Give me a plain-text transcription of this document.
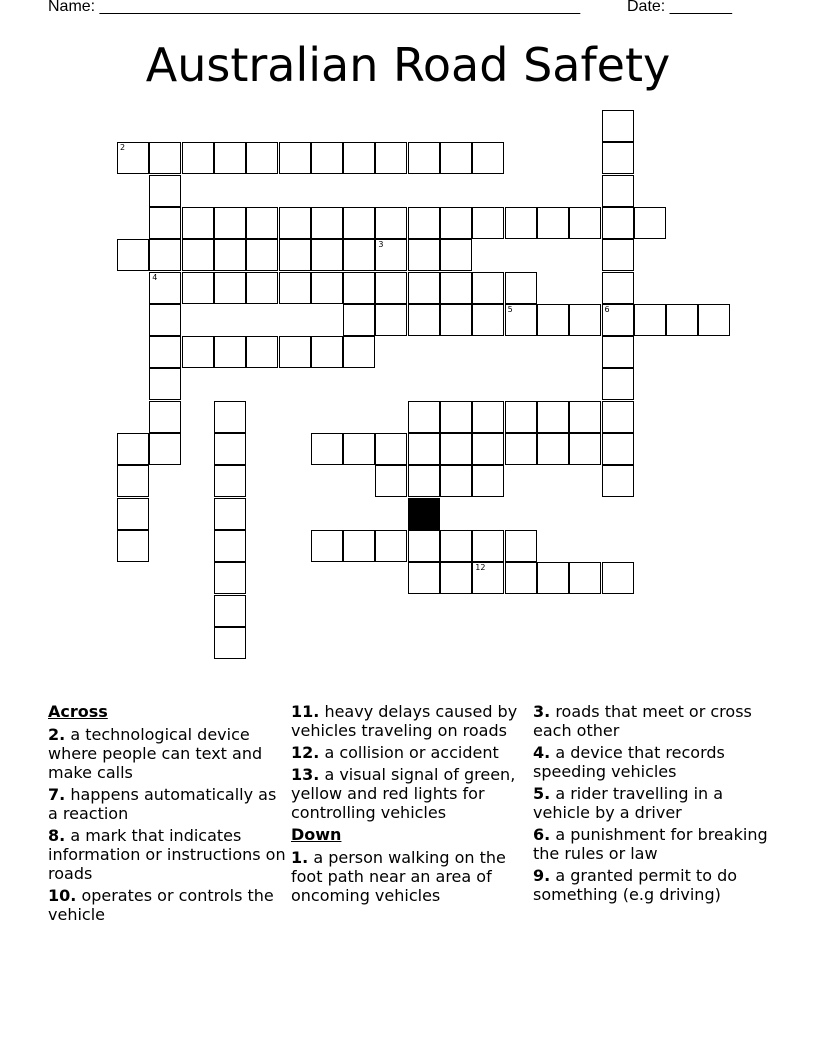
Name: ______________________________________________________	Date: _______
Australian Road Safety
4
3
2
5	6
12
Across
2. a technological device where people can text and make calls
7. happens automatically as a reaction
8. a mark that indicates information or instructions on roads
10. operates or controls the vehicle
11. heavy delays caused by vehicles traveling on roads
12. a collision or accident
13. a visual signal of green, yellow and red lights for controlling vehicles
Down
1. a person walking on the foot path near an area of oncoming vehicles
3. roads that meet or cross each other
4. a device that records speeding vehicles
5. a rider travelling in a vehicle by a driver
6. a punishment for breaking the rules or law
9. a granted permit to do something (e.g driving)
